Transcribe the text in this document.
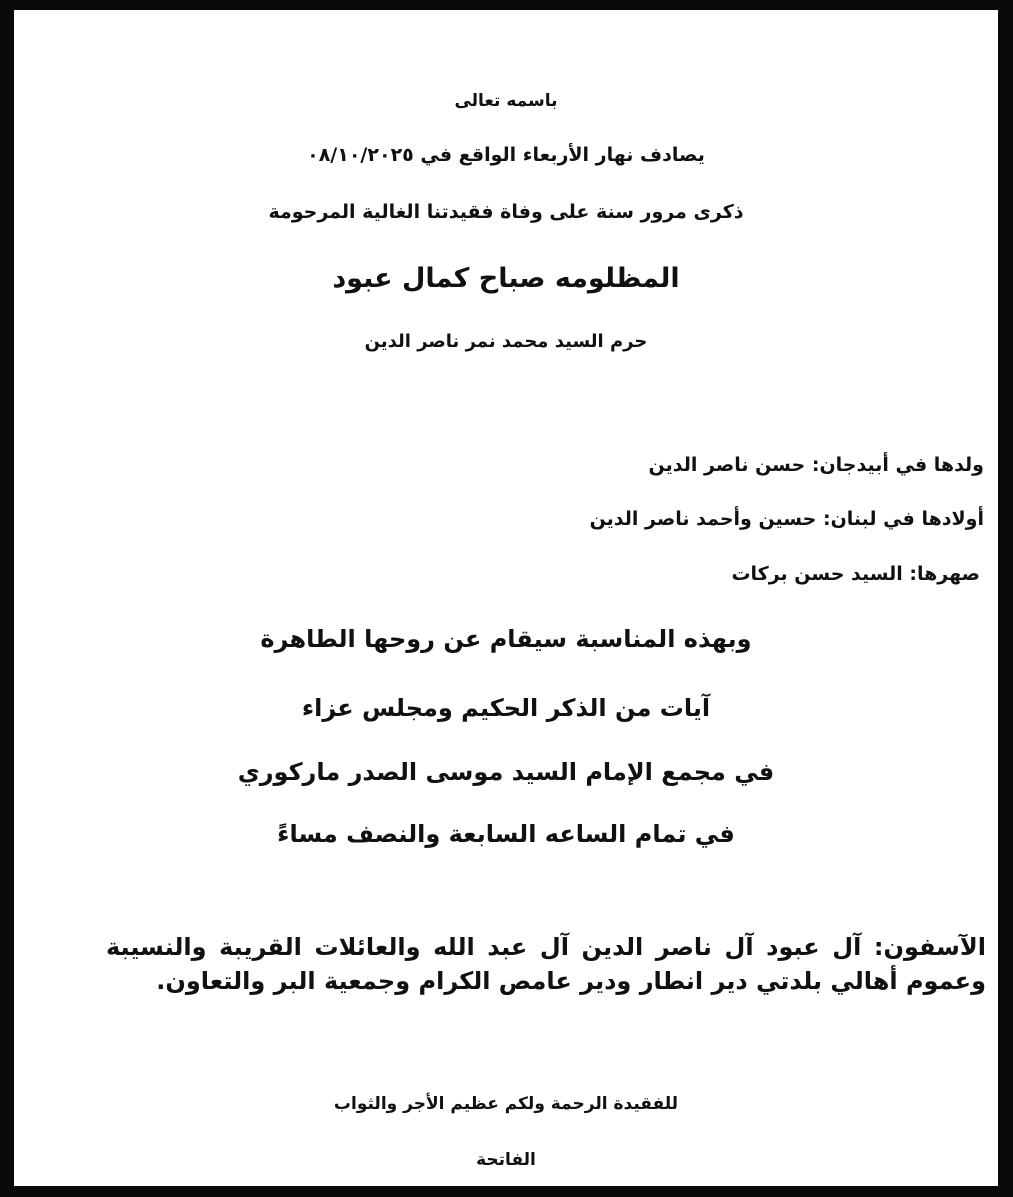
باسمه تعالى
يصادف نهار الأربعاء الواقع في ٠٨/١٠/٢٠٢٥
ذكرى مرور سنة على وفاة فقيدتنا الغالية المرحومة
المظلومه صباح كمال عبود
حرم السيد محمد نمر ناصر الدين
ولدها في أبيدجان: حسن ناصر الدين
أولادها في لبنان: حسين وأحمد ناصر الدين
صهرها: السيد حسن بركات
وبهذه المناسبة سيقام عن روحها الطاهرة
آيات من الذكر الحكيم ومجلس عزاء
في مجمع الإمام السيد موسى الصدر ماركوري
في تمام الساعه السابعة والنصف مساءً
الآسفون: آل عبود آل ناصر الدين آل عبد الله والعائلات القريبة والنسيبة وعموم أهالي بلدتي دير انطار ودير عامص الكرام وجمعية البر والتعاون.
للفقيدة الرحمة ولكم عظيم الأجر والثواب
الفاتحة
